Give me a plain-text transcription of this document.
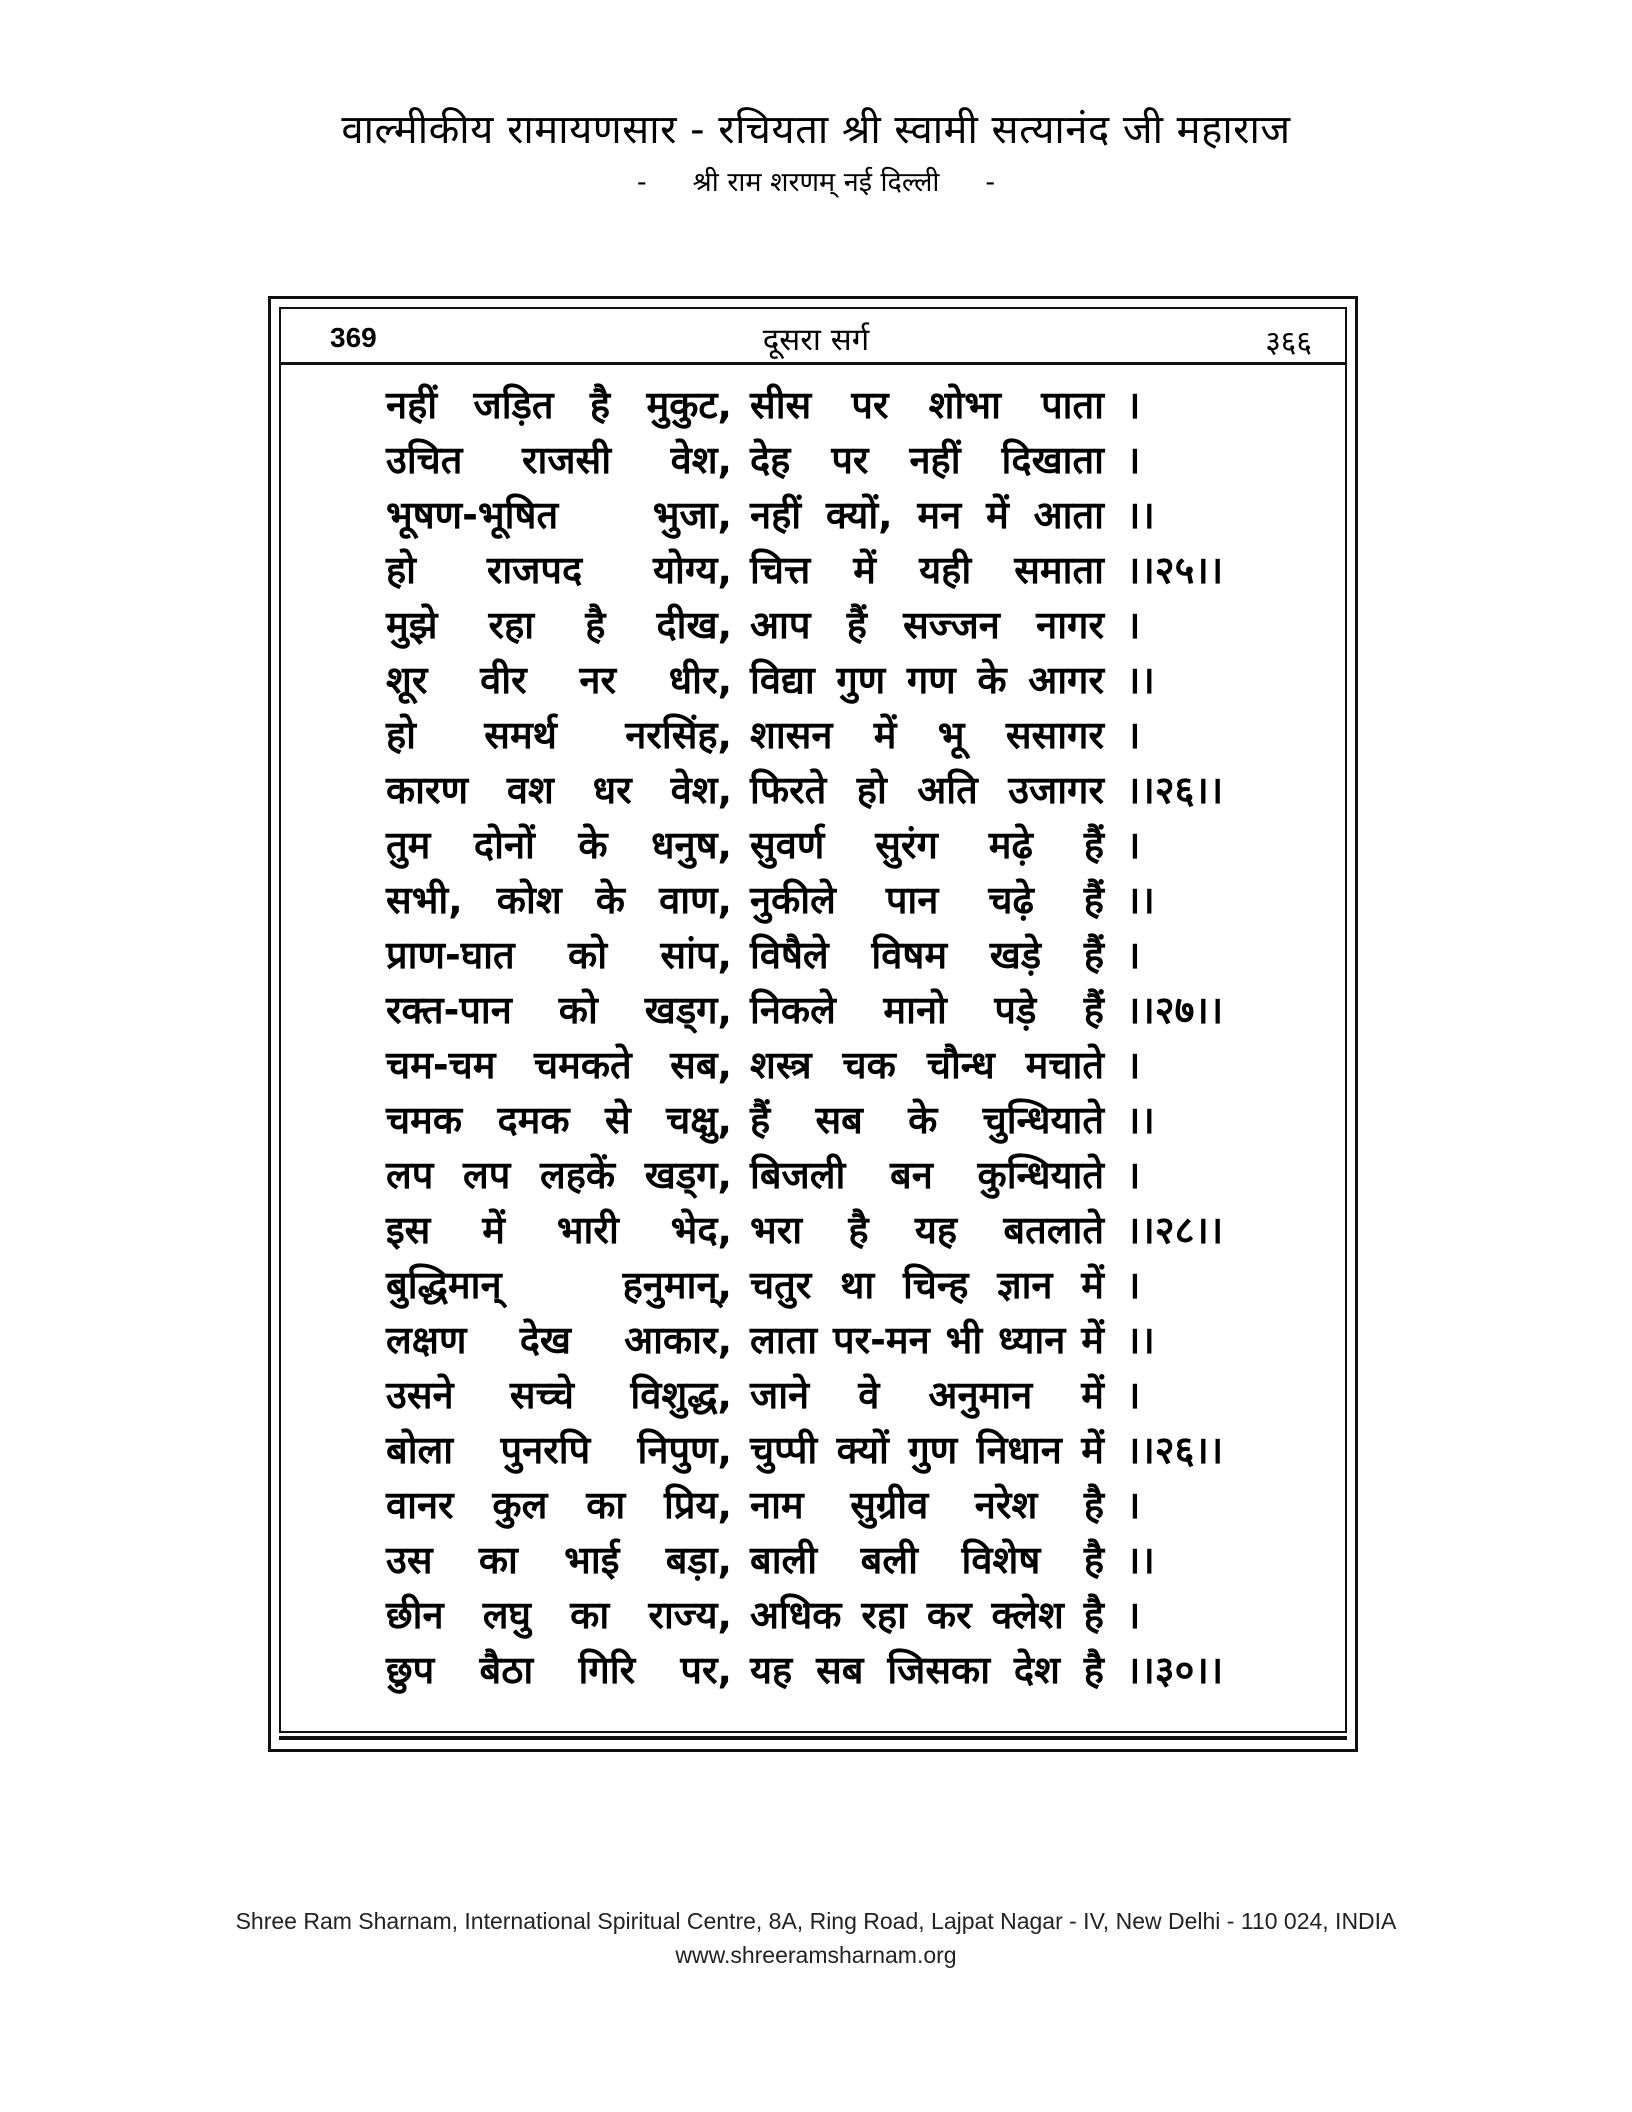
वाल्मीकीय रामायणसार - रचियता श्री स्वामी सत्यानंद जी महाराज
- श्री राम शरणम् नई दिल्ली -
369	दूसरा सर्ग	३६६
नहीं जड़ित है मुकुट, सीस पर शोभा पाता ।
उचित राजसी वेश, देह पर नहीं दिखाता ।
भूषण-भूषित भुजा, नहीं क्यों, मन में आता ।।
हो राजपद योग्य, चित्त में यही समाता ।।२५।।
मुझे रहा है दीख, आप हैं सज्जन नागर ।
शूर वीर नर धीर, विद्या गुण गण के आगर ।।
हो समर्थ नरसिंह, शासन में भू ससागर ।
कारण वश धर वेश, फिरते हो अति उजागर ।।२६।।
तुम दोनों के धनुष, सुवर्ण सुरंग मढ़े हैं ।
सभी, कोश के वाण, नुकीले पान चढ़े हैं ।।
प्राण-घात को सांप, विषैले विषम खड़े हैं ।
रक्त-पान को खड्ग, निकले मानो पड़े हैं ।।२७।।
चम-चम चमकते सब, शस्त्र चक चौन्ध मचाते ।
चमक दमक से चक्षु, हैं सब के चुन्धियाते ।।
लप लप लहकें खड्ग, बिजली बन कुन्धियाते ।
इस में भारी भेद, भरा है यह बतलाते ।।२८।।
बुद्धिमान् हनुमान्, चतुर था चिन्ह ज्ञान में ।
लक्षण देख आकार, लाता पर-मन भी ध्यान में ।।
उसने सच्चे विशुद्ध, जाने वे अनुमान में ।
बोला पुनरपि निपुण, चुप्पी क्यों गुण निधान में ।।२६।।
वानर कुल का प्रिय, नाम सुग्रीव नरेश है ।
उस का भाई बड़ा, बाली बली विशेष है ।।
छीन लघु का राज्य, अधिक रहा कर क्लेश है ।
छुप बैठा गिरि पर, यह सब जिसका देश है ।।३०।।
Shree Ram Sharnam, International Spiritual Centre, 8A, Ring Road, Lajpat Nagar - IV, New Delhi - 110 024, INDIA
www.shreeramsharnam.org
